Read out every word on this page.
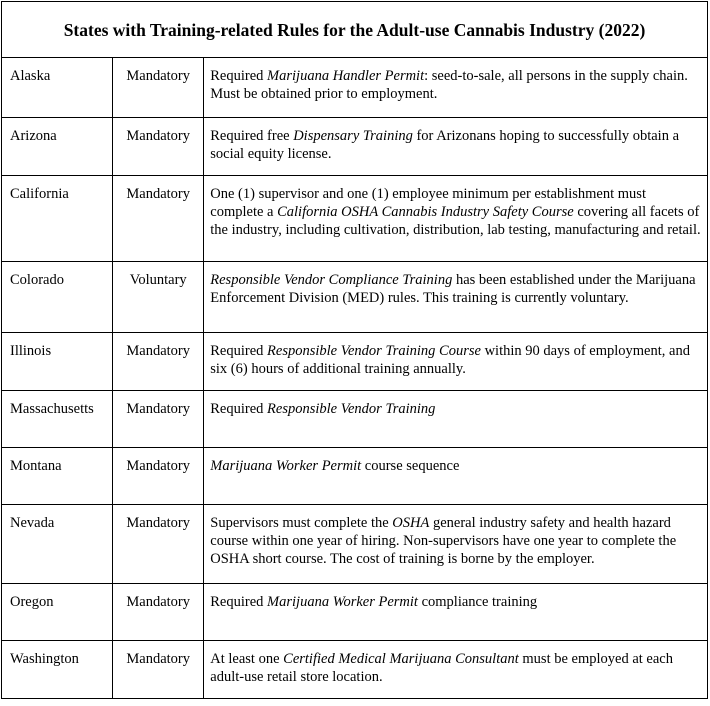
States with Training-related Rules for the Adult-use Cannabis Industry (2022)		

Alaska	Mandatory	Required Marijuana Handler Permit: seed-to-sale, all persons in the supply chain. Must be obtained prior to employment.

Arizona	Mandatory	Required free Dispensary Training for Arizonans hoping to successfully obtain a social equity license.

California	Mandatory	One (1) supervisor and one (1) employee minimum per establishment must complete a California OSHA Cannabis Industry Safety Course covering all facets of the industry, including cultivation, distribution, lab testing, manufacturing and retail.

Colorado	Voluntary	Responsible Vendor Compliance Training has been established under the Marijuana Enforcement Division (MED) rules. This training is currently voluntary.

Illinois	Mandatory	Required Responsible Vendor Training Course within 90 days of employment, and six (6) hours of additional training annually.

Massachusetts	Mandatory	Required Responsible Vendor Training

Montana	Mandatory	Marijuana Worker Permit course sequence

Nevada	Mandatory	Supervisors must complete the OSHA general industry safety and health hazard course within one year of hiring. Non-supervisors have one year to complete the OSHA short course. The cost of training is borne by the employer.

Oregon	Mandatory	Required Marijuana Worker Permit compliance training

Washington	Mandatory	At least one Certified Medical Marijuana Consultant must be employed at each adult-use retail store location.
